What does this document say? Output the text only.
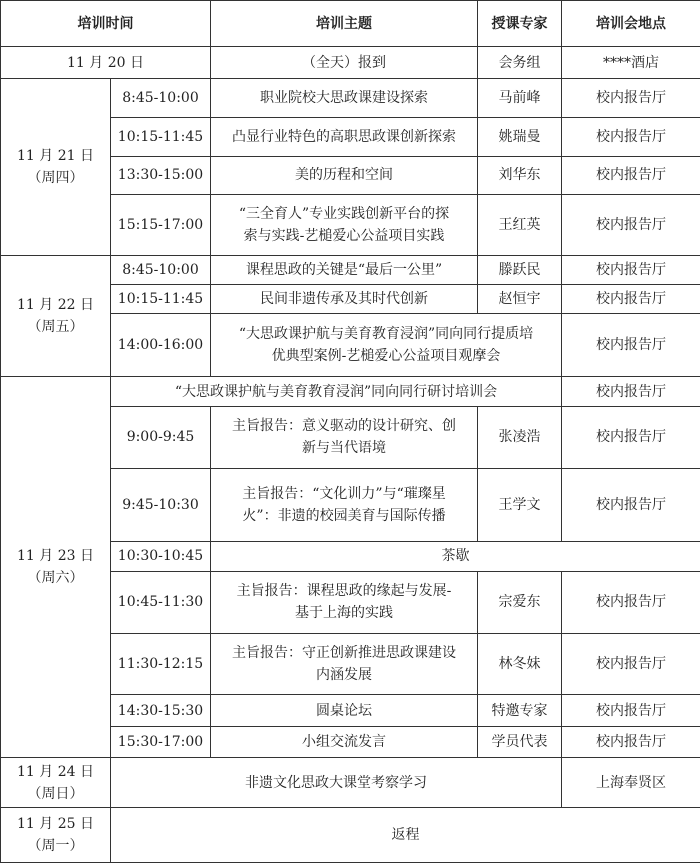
培训时间		培训主题	授课专家	培训会地点
11 月 20 日		（全天）报到	会务组	****酒店

11 月 21 日
（周四）	8:45-10:00	职业院校大思政课建设探索	马前峰	校内报告厅
	10:15-11:45	凸显行业特色的高职思政课创新探索	姚瑞曼	校内报告厅
	13:30-15:00	美的历程和空间	刘华东	校内报告厅
	15:15-17:00	“三全育人”专业实践创新平台的探
索与实践-艺槌爱心公益项目实践	王红英	校内报告厅

11 月 22 日
（周五）	8:45-10:00	课程思政的关键是“最后一公里”	滕跃民	校内报告厅
	10:15-11:45	民间非遗传承及其时代创新	赵恒宇	校内报告厅
	14:00-16:00	“大思政课护航与美育教育浸润”同向同行提质培
优典型案例-艺槌爱心公益项目观摩会		校内报告厅

11 月 23 日
（周六）	“大思政课护航与美育教育浸润”同向同行研讨培训会			校内报告厅
	9:00-9:45	主旨报告：意义驱动的设计研究、创
新与当代语境	张凌浩	校内报告厅
	9:45-10:30	主旨报告：“文化训力”与“璀璨星
火”：非遗的校园美育与国际传播	王学文	校内报告厅
	10:30-10:45	茶歇		
	10:45-11:30	主旨报告：课程思政的缘起与发展-
基于上海的实践	宗爱东	校内报告厅
	11:30-12:15	主旨报告：守正创新推进思政课建设
内涵发展	林冬妹	校内报告厅
	14:30-15:30	圆桌论坛	特邀专家	校内报告厅
	15:30-17:00	小组交流发言	学员代表	校内报告厅

11 月 24 日
（周日）	非遗文化思政大课堂考察学习			上海奉贤区

11 月 25 日
（周一）	返程			
